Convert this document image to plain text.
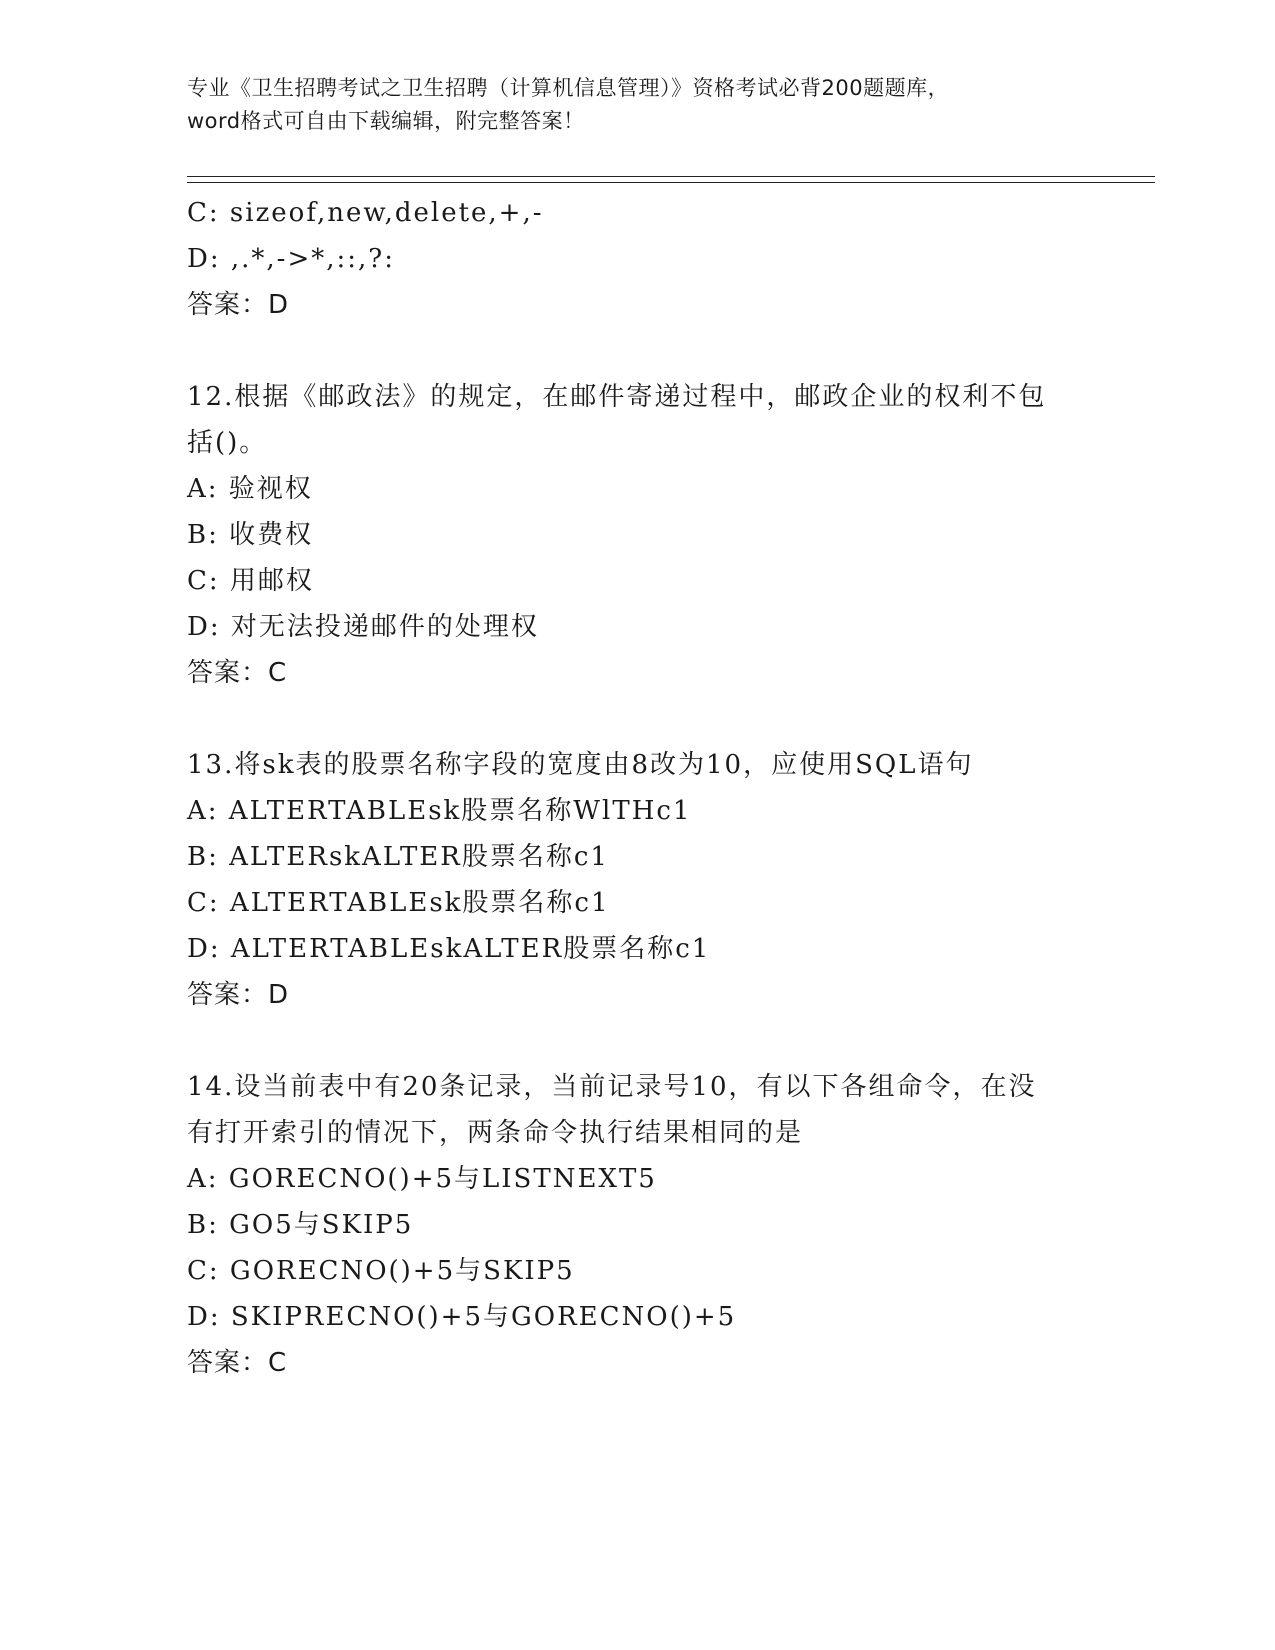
专业《卫生招聘考试之卫生招聘（计算机信息管理）》资格考试必背200题题库，
word格式可自由下载编辑，附完整答案！
C: sizeof,new,delete,+,-
D: ,.*,->*,::,?:
答案：D
12.根据《邮政法》的规定，在邮件寄递过程中，邮政企业的权利不包
括()。
A: 验视权
B: 收费权
C: 用邮权
D: 对无法投递邮件的处理权
答案：C
13.将sk表的股票名称字段的宽度由8改为10，应使用SQL语句
A: ALTERTABLEsk股票名称WlTHc1
B: ALTERskALTER股票名称c1
C: ALTERTABLEsk股票名称c1
D: ALTERTABLEskALTER股票名称c1
答案：D
14.设当前表中有20条记录，当前记录号10，有以下各组命令，在没
有打开索引的情况下，两条命令执行结果相同的是
A: GORECNO()+5与LISTNEXT5
B: GO5与SKIP5
C: GORECNO()+5与SKIP5
D: SKIPRECNO()+5与GORECNO()+5
答案：C
